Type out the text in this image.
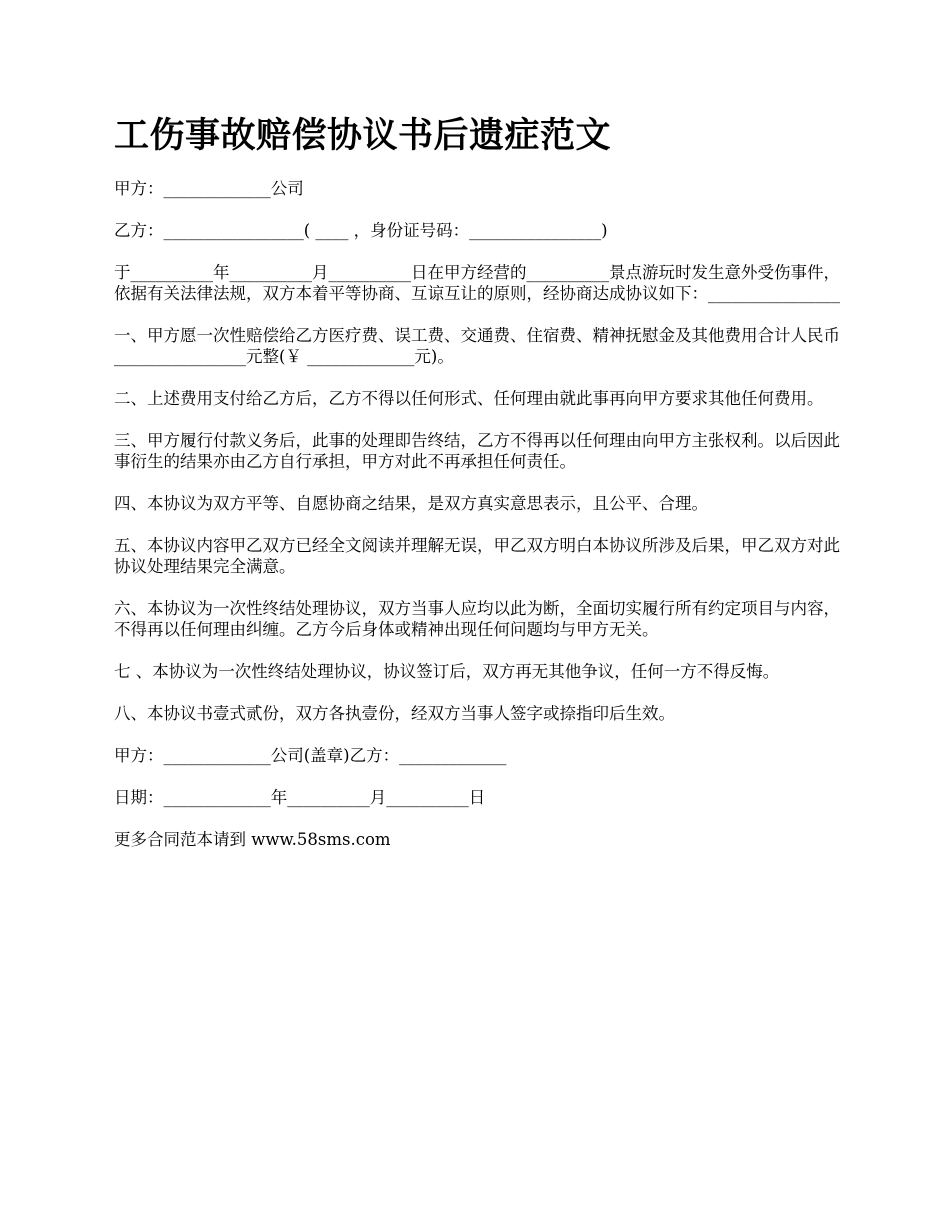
工伤事故赔偿协议书后遗症范文

甲方：_____________公司

乙方：_________________( ____ ，身份证号码：________________)

于__________年__________月__________日在甲方经营的__________景点游玩时发生意外受伤事件，依据有关法律法规，双方本着平等协商、互谅互让的原则，经协商达成协议如下：________________

一、甲方愿一次性赔偿给乙方医疗费、误工费、交通费、住宿费、精神抚慰金及其他费用合计人民币 ________________元整(￥ _____________元)。

二、上述费用支付给乙方后，乙方不得以任何形式、任何理由就此事再向甲方要求其他任何费用。

三、甲方履行付款义务后，此事的处理即告终结，乙方不得再以任何理由向甲方主张权利。以后因此事衍生的结果亦由乙方自行承担，甲方对此不再承担任何责任。

四、本协议为双方平等、自愿协商之结果，是双方真实意思表示，且公平、合理。

五、本协议内容甲乙双方已经全文阅读并理解无误，甲乙双方明白本协议所涉及后果，甲乙双方对此协议处理结果完全满意。

六、本协议为一次性终结处理协议，双方当事人应均以此为断，全面切实履行所有约定项目与内容，不得再以任何理由纠缠。乙方今后身体或精神出现任何问题均与甲方无关。

七 、本协议为一次性终结处理协议，协议签订后，双方再无其他争议，任何一方不得反悔。

八、本协议书壹式贰份，双方各执壹份，经双方当事人签字或捺指印后生效。

甲方：_____________公司(盖章)乙方：_____________

日期：_____________年__________月__________日

更多合同范本请到 www.58sms.com
